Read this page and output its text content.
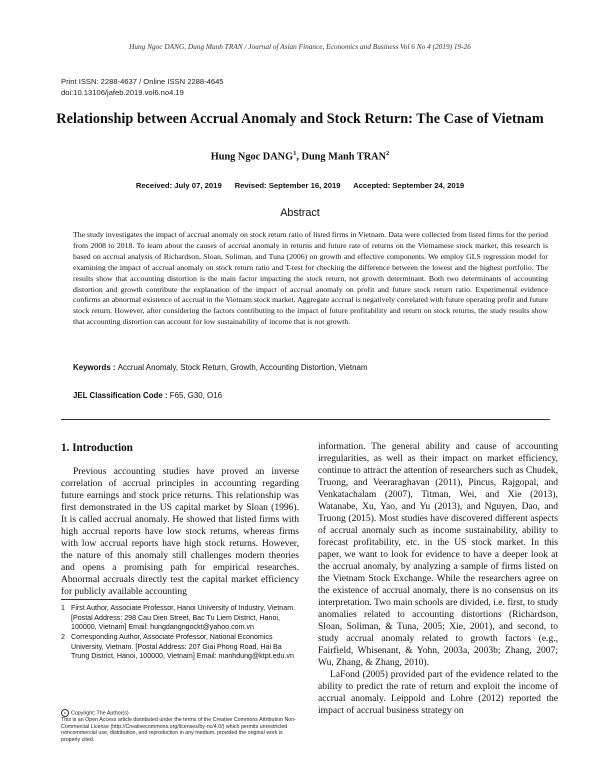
Hung Ngoc DANG, Dung Manh TRAN / Journal of Asian Finance, Economics and Business Vol 6 No 4 (2019) 19-26
Print ISSN: 2288-4637 / Online ISSN 2288-4645
doi:10.13106/jafeb.2019.vol6.no4.19
Relationship between Accrual Anomaly and Stock Return: The Case of Vietnam
Hung Ngoc DANG$^1$, Dung Manh TRAN$^2$
Received: July 07, 2019 Revised: September 16, 2019 Accepted: September 24, 2019
Abstract
The study investigates the impact of accrual anomaly on stock return ratio of listed firms in Vietnam. Data were collected from listed firms for the period from 2008 to 2018. To learn about the causes of accrual anomaly in returns and future rate of returns on the Vietnamese stock market, this research is based on accrual analysis of Richardson, Sloan, Soliman, and Tuna (2006) on growth and effective components. We employ GLS regression model for examining the impact of accrual anomaly on stock return ratio and T-test for checking the difference between the lowest and the highest portfolio. The results show that accounting distortion is the main factor impacting the stock return, not growth determinant. Both two determinants of accounting distortion and growth contribute the explanation of the impact of accrual anomaly on profit and future stock return ratio. Experimental evidence confirms an abnormal existence of accrual in the Vietnam stock market. Aggregate accrual is negatively correlated with future operating profit and future stock return. However, after considering the factors contributing to the impact of future profitability and return on stock returns, the study results show that accounting distortion can account for low sustainability of income that is not growth.
Keywords : Accrual Anomaly, Stock Return, Growth, Accounting Distortion, Vietnam
JEL Classification Code : F65, G30, O16
1. Introduction

Previous accounting studies have proved an inverse correlation of accrual principles in accounting regarding future earnings and stock price returns. This relationship was first demonstrated in the US capital market by Sloan (1996). It is called accrual anomaly. He showed that listed firms with high accrual reports have low stock returns, whereas firms with low accrual reports have high stock returns. However, the nature of this anomaly still challenges modern theories and opens a promising path for empirical researches. Abnormal accruals directly test the capital market efficiency for publicly available accounting

information. The general ability and cause of accounting irregularities, as well as their impact on market efficiency, continue to attract the attention of researchers such as Chudek, Truong, and Veeraraghavan (2011), Pincus, Rajgopal, and Venkatachalam (2007), Titman, Wei, and Xie (2013), Watanabe, Xu, Yao, and Yu (2013), and Nguyen, Dao, and Truong (2015). Most studies have discovered different aspects of accrual anomaly such as income sustainability, ability to forecast profitability, etc. in the US stock market. In this paper, we want to look for evidence to have a deeper look at the accrual anomaly, by analyzing a sample of firms listed on the Vietnam Stock Exchange. While the researchers agree on the existence of accrual anomaly, there is no consensus on its interpretation. Two main schools are divided, i.e. first, to study anomalies related to accounting distortions (Richardson, Sloan, Soliman, & Tuna, 2005; Xie, 2001), and second, to study accrual anomaly related to growth factors (e.g., Fairfield, Whisenant, & Yohn, 2003a, 2003b; Zhang, 2007; Wu, Zhang, & Zhang, 2010).

LaFond (2005) provided part of the evidence related to the ability to predict the rate of return and exploit the income of accrual anomaly. Leippold and Lohre (2012) reported the impact of accrual business strategy on

1 First Author, Associate Professor, Hanoi University of Industry, Vietnam. [Postal Address: 298 Cau Dien Street, Bac Tu Liem District, Hanoi, 100000, Vietnam] Email: hungdangngockt@yahoo.com.vn
2 Corresponding Author, Associate Professor, National Economics University, Vietnam. [Postal Address: 207 Giai Phong Road, Hai Ba Trung District, Hanoi, 100000, Vietnam] Email: manhdung@ktpt.edu.vn
c Copyright: The Author(s)
This is an Open Access article distributed under the terms of the Creative Commons Attribution Non-Commercial License (http://Creativecommons.org/licenses/by-nc/4.0/) which permits unrestricted noncommercial use, distribution, and reproduction in any medium, provided the original work is properly cited.
